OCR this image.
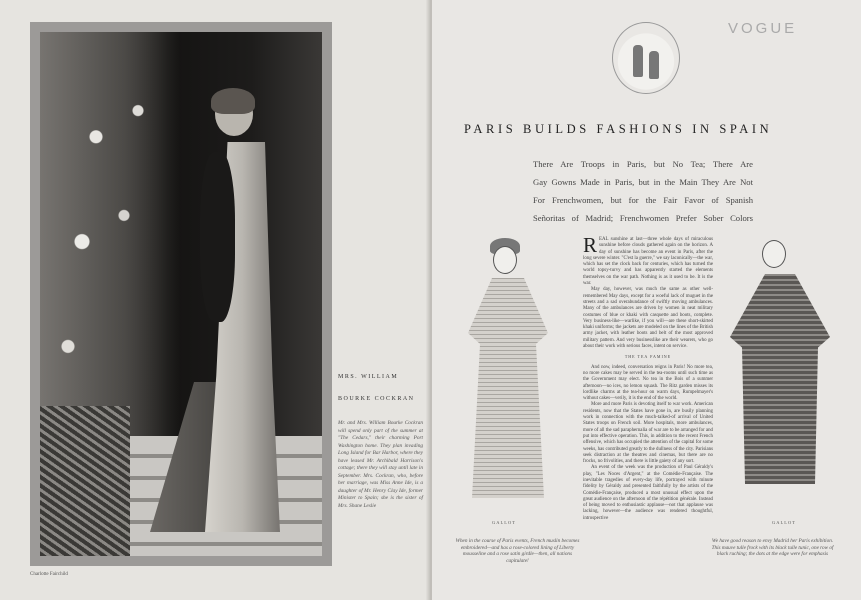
Charlotte Fairchild
MRS. WILLIAM
BOURKE COCKRAN
Mr. and Mrs. William Bourke Cockran will spend only part of the summer at "The Cedars," their charming Port Washington home. They plan invading Long Island for Bar Harbor, where they have leased Mr. Archibald Harrison's cottage; there they will stay until late in September. Mrs. Cockran, who, before her marriage, was Miss Anne Ide, is a daughter of Mr. Henry Clay Ide, former Minister to Spain; she is the sister of Mrs. Shane Leslie
VOGUE
PARIS BUILDS FASHIONS IN SPAIN
There Are Troops in Paris, but No Tea; There Are
Gay Gowns Made in Paris, but in the Main They Are Not
For Frenchwomen, but for the Fair Favor of Spanish
Señoritas of Madrid; Frenchwomen Prefer Sober Colors
GALLOT	GALLOT
R EAL sunshine at last—three whole days of miraculous sunshine before clouds gathered again on the horizon. A day of sunshine has become an event in Paris, after the long severe winter. "C'est la guerre," we say laconically—the war, which has set the clock back for centuries, which has turned the world topsy-turvy and has apparently started the elements themselves on the war path. Nothing is as it used to be. It is the war.

May day, however, was much the same as other well-remembered May days, except for a woeful lack of muguet in the streets and a sad overabundance of swiftly moving ambulances. Many of the ambulances are driven by women in neat military costumes of blue or khaki with casquette and boots, complete. Very business-like—warlike, if you will—are these short-skirted khaki uniforms; the jackets are modeled on the lines of the British army jacket, with leather boots and belt of the most approved military pattern. And very businesslike are their wearers, who go about their work with serious faces, intent on service.

THE TEA FAMINE

And now, indeed, conversation reigns in Paris! No more tea, no more cakes may be served in the tea-rooms until such time as the Government may elect. No tea in the Bois of a summer afternoon—no ices, no lemon squash. The Ritz garden misses its lordlike charms at the tea-hour on warm days, Rumpelmayer's without cakes—verily, it is the end of the world.

More and more Paris is devoting itself to war work. American residents, now that the States have gone in, are busily planning work in connection with the much-talked-of arrival of United States troops on French soil. More hospitals, more ambulances, more of all the sad paraphernalia of war are to be arranged for and put into effective operation. This, in addition to the recent French offensive, which has occupied the attention of the capital for some weeks, has contributed greatly to the dullness of the city. Parisians seek distraction at the theatres and cinemas, but there are no frocks, no frivolities, and there is little gaiety of any sort.

An event of the week was the production of Paul Géraldy's play, "Les Noces d'Argent," at the Comédie-Française. The inevitable tragedies of every-day life, portrayed with minute fidelity by Géraldy and presented faithfully by the artists of the Comédie-Française, produced a most unusual effect upon the great audience on the afternoon of the répétition générale. Instead of being moved to enthusiastic applause—not that applause was lacking, however—the audience was rendered thoughtful, introspective

When in the course of Paris events, French muslin becomes embroidered—and has a rose-colored lining of Liberty mousseline and a rose satin girdle—then, all nations capitulate!
We have good reason to envy Madrid her Paris exhibition. This mauve tulle frock with its black tulle tunic, one row of black ruching; the dots at the edge were for emphasis
